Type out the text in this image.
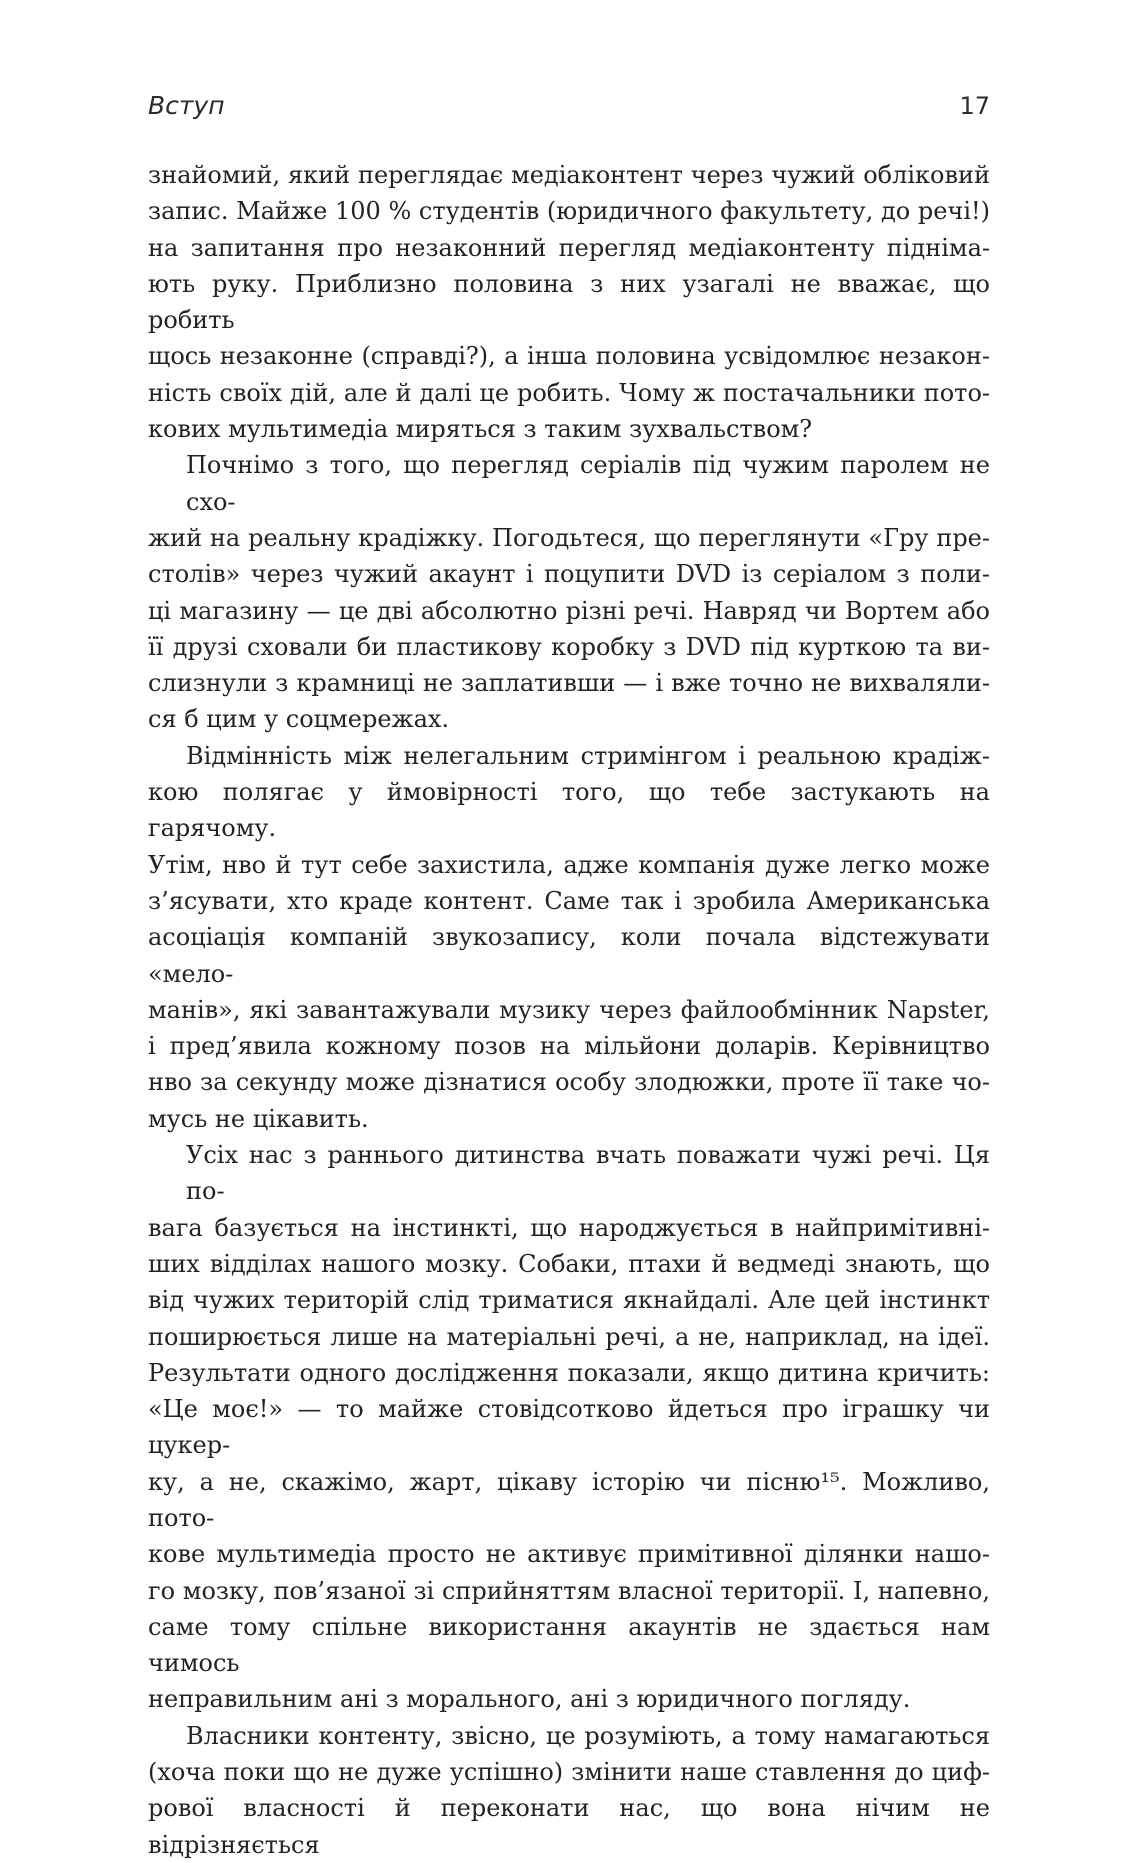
Вступ	17
знайомий, який переглядає медіаконтент через чужий обліковий
запис. Майже 100 % студентів (юридичного факультету, до речі!)
на запитання про незаконний перегляд медіаконтенту підніма-
ють руку. Приблизно половина з них узагалі не вважає, що робить
щось незаконне (справді?), а інша половина усвідомлює незакон-
ність своїх дій, але й далі це робить. Чому ж постачальники пото-
кових мультимедіа миряться з таким зухвальством?
Почнімо з того, що перегляд серіалів під чужим паролем не схо-
жий на реальну крадіжку. Погодьтеся, що переглянути «Гру пре-
столів» через чужий акаунт і поцупити DVD із серіалом з поли-
ці магазину — це дві абсолютно різні речі. Навряд чи Вортем або
її друзі сховали би пластикову коробку з DVD під курткою та ви-
слизнули з крамниці не заплативши — і вже точно не вихваляли-
ся б цим у соцмережах.
Відмінність між нелегальним стримінгом і реальною крадіж-
кою полягає у ймовірності того, що тебе застукають на гарячому.
Утім, нво й тут себе захистила, адже компанія дуже легко може
з’ясувати, хто краде контент. Саме так і зробила Американська
асоціація компаній звукозапису, коли почала відстежувати «мело-
манів», які завантажували музику через файлообмінник Napster,
і пред’явила кожному позов на мільйони доларів. Керівництво
нво за секунду може дізнатися особу злодюжки, проте її таке чо-
мусь не цікавить.
Усіх нас з раннього дитинства вчать поважати чужі речі. Ця по-
вага базується на інстинкті, що народжується в найпримітивні-
ших відділах нашого мозку. Собаки, птахи й ведмеді знають, що
від чужих територій слід триматися якнайдалі. Але цей інстинкт
поширюється лише на матеріальні речі, а не, наприклад, на ідеї.
Результати одного дослідження показали, якщо дитина кричить:
«Це моє!» — то майже стовідсотково йдеться про іграшку чи цукер-
ку, а не, скажімо, жарт, цікаву історію чи пісню¹⁵. Можливо, пото-
кове мультимедіа просто не активує примітивної ділянки нашо-
го мозку, пов’язаної зі сприйняттям власної території. І, напевно,
саме тому спільне використання акаунтів не здається нам чимось
неправильним ані з морального, ані з юридичного погляду.
Власники контенту, звісно, це розуміють, а тому намагаються
(хоча поки що не дуже успішно) змінити наше ставлення до циф-
рової власності й переконати нас, що вона нічим не відрізняється
